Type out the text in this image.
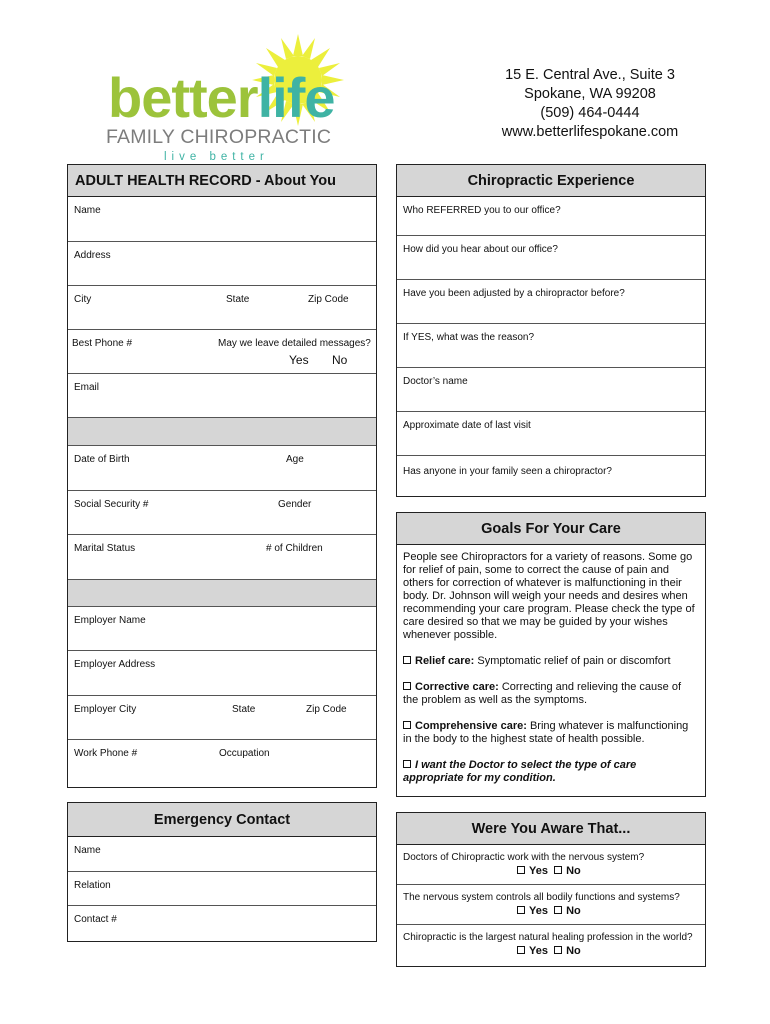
betterlife
FAMILY CHIROPRACTIC
live better
15 E. Central Ave., Suite 3
Spokane, WA 99208
(509) 464-0444
www.betterlifespokane.com
ADULT HEALTH RECORD - About You
Name
Address
City	State	Zip Code
Best Phone #	May we leave detailed messages?
Yes No
Email
Date of Birth	Age
Social Security #	Gender
Marital Status	# of Children
Employer Name
Employer Address
Employer City	State	Zip Code
Work Phone #	Occupation
Emergency Contact
Name
Relation
Contact #
Chiropractic Experience
Who REFERRED you to our office?
How did you hear about our office?
Have you been adjusted by a chiropractor before?
If YES, what was the reason?
Doctor’s name
Approximate date of last visit
Has anyone in your family seen a chiropractor?
Goals For Your Care
People see Chiropractors for a variety of reasons. Some go for relief of pain, some to correct the cause of pain and others for correction of whatever is malfunctioning in their body. Dr. Johnson will weigh your needs and desires when recommending your care program. Please check the type of care desired so that we may be guided by your wishes whenever possible.
Relief care: Symptomatic relief of pain or discomfort
Corrective care: Correcting and relieving the cause of the problem as well as the symptoms.
Comprehensive care: Bring whatever is malfunctioning in the body to the highest state of health possible.
I want the Doctor to select the type of care appropriate for my condition.
Were You Aware That...
Doctors of Chiropractic work with the nervous system?
Yes No
The nervous system controls all bodily functions and systems?
Yes No
Chiropractic is the largest natural healing profession in the world?
Yes No
